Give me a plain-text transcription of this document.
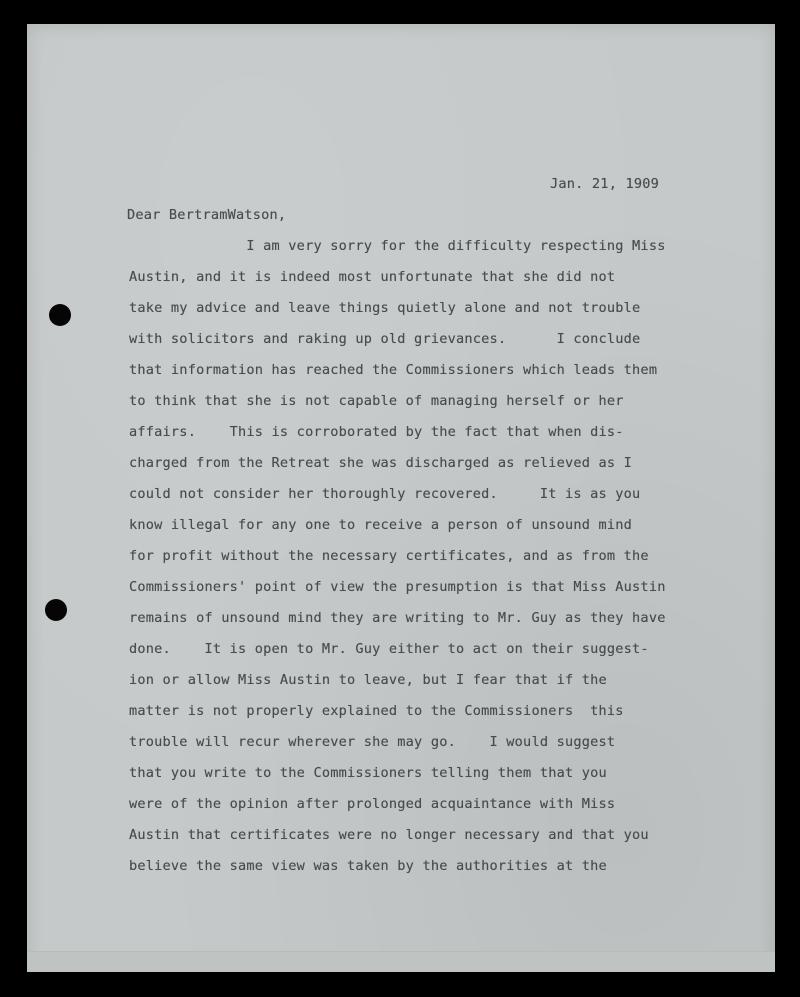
Jan. 21, 1909

Dear BertramWatson,

I am very sorry for the difficulty respecting Miss

Austin, and it is indeed most unfortunate that she did not

take my advice and leave things quietly alone and not trouble

with solicitors and raking up old grievances.      I conclude

that information has reached the Commissioners which leads them

to think that she is not capable of managing herself or her

affairs.    This is corroborated by the fact that when dis-

charged from the Retreat she was discharged as relieved as I

could not consider her thoroughly recovered.     It is as you

know illegal for any one to receive a person of unsound mind

for profit without the necessary certificates, and as from the

Commissioners' point of view the presumption is that Miss Austin

remains of unsound mind they are writing to Mr. Guy as they have

done.    It is open to Mr. Guy either to act on their suggest-

ion or allow Miss Austin to leave, but I fear that if the

matter is not properly explained to the Commissioners  this

trouble will recur wherever she may go.    I would suggest

that you write to the Commissioners telling them that you

were of the opinion after prolonged acquaintance with Miss

Austin that certificates were no longer necessary and that you

believe the same view was taken by the authorities at the
